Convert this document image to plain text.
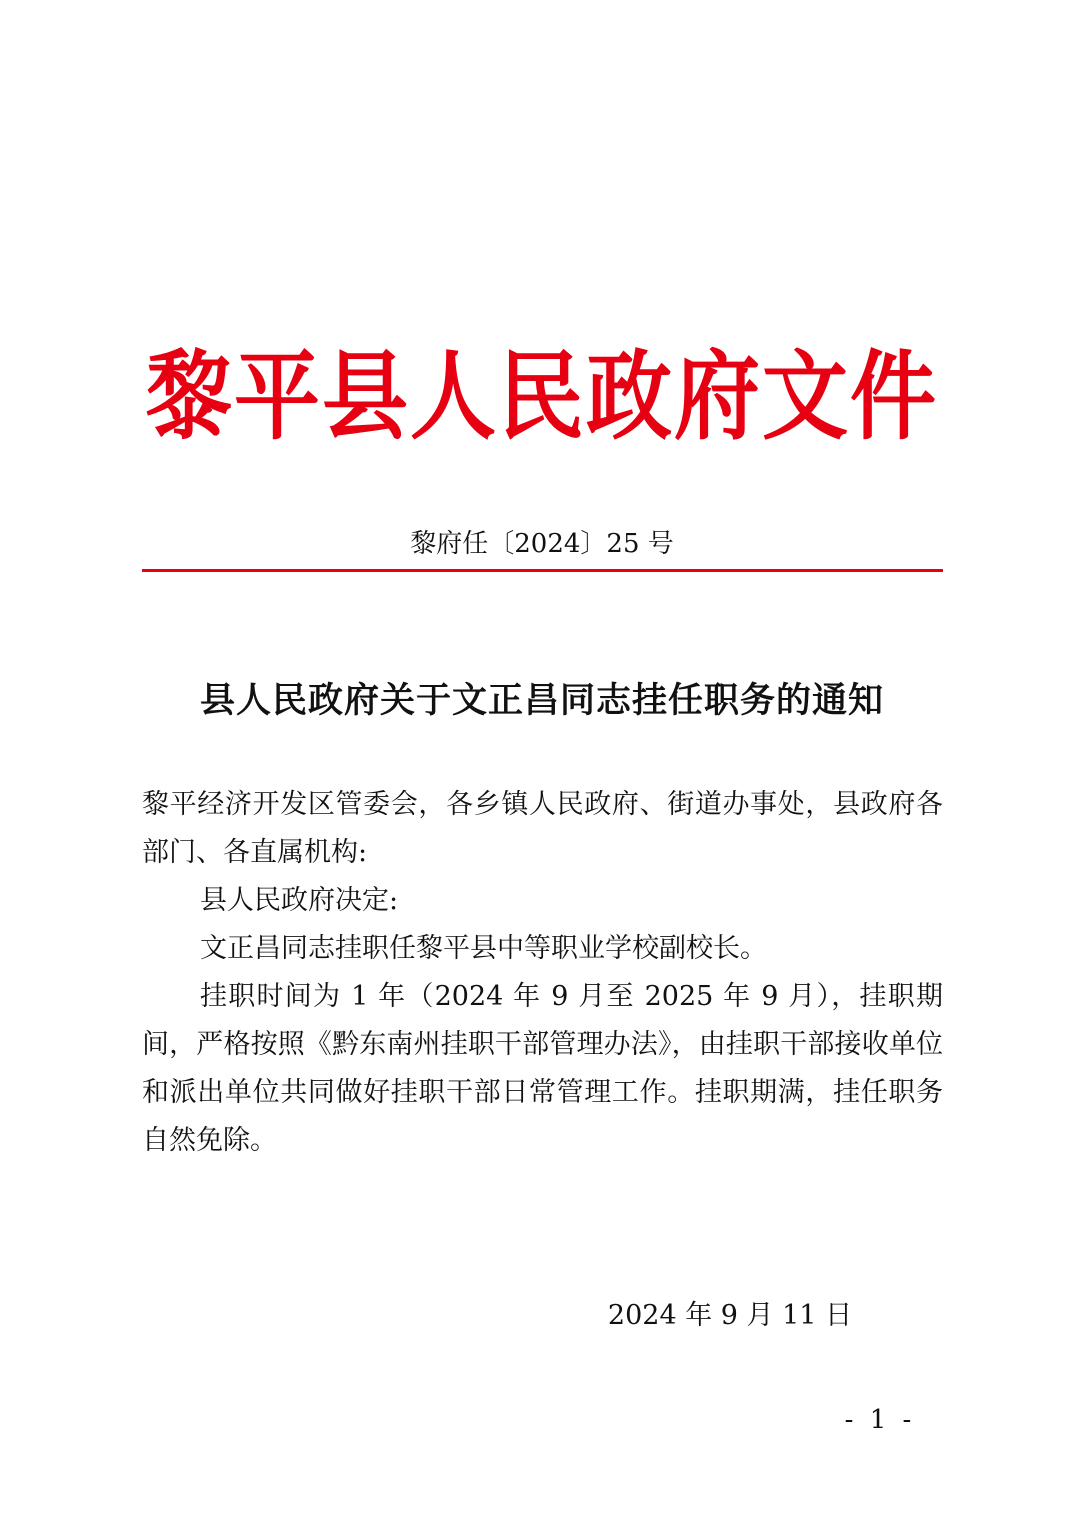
黎平县人民政府文件
黎府任〔2024〕25 号
县人民政府关于文正昌同志挂任职务的通知

黎平经济开发区管委会，各乡镇人民政府、街道办事处，县政府各部门、各直属机构:

县人民政府决定:

文正昌同志挂职任黎平县中等职业学校副校长。

挂职时间为 1 年（2024 年 9 月至 2025 年 9 月），挂职期间，严格按照《黔东南州挂职干部管理办法》，由挂职干部接收单位和派出单位共同做好挂职干部日常管理工作。挂职期满，挂任职务自然免除。

2024 年 9 月 11 日
- 1 -
